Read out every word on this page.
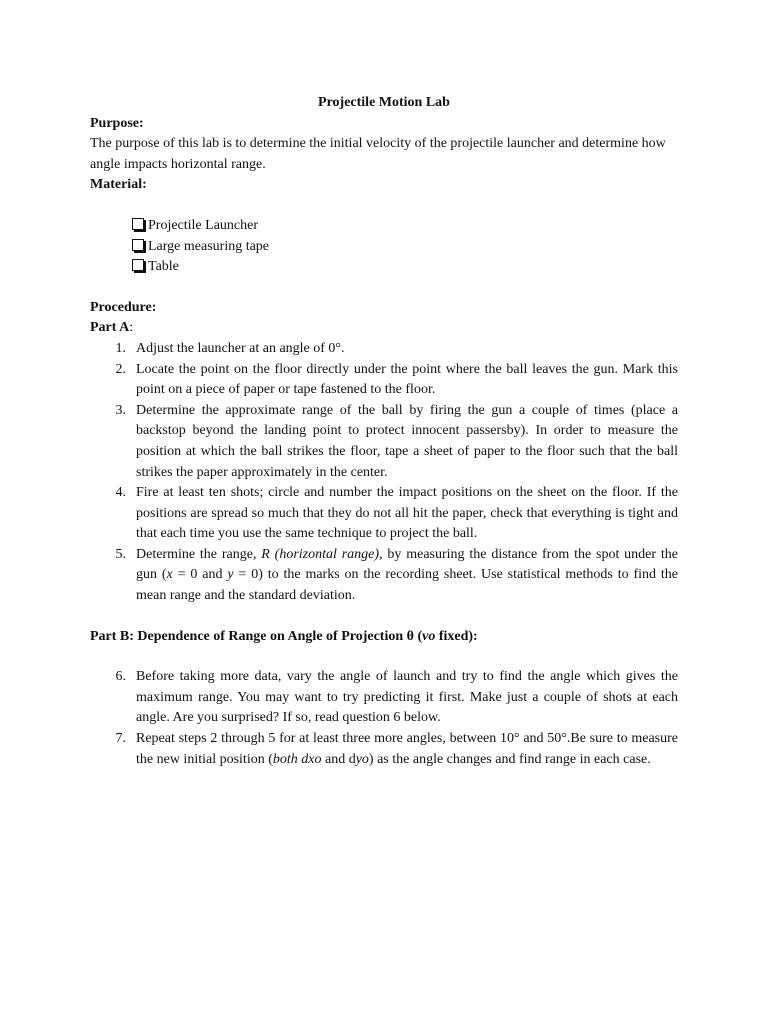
Projectile Motion Lab

Purpose:

The purpose of this lab is to determine the initial velocity of the projectile launcher and determine how angle impacts horizontal range.

Material:

Projectile Launcher
Large measuring tape
Table

Procedure:

Part A:

1. Adjust the launcher at an angle of 0°.
2. Locate the point on the floor directly under the point where the ball leaves the gun. Mark this point on a piece of paper or tape fastened to the floor.
3. Determine the approximate range of the ball by firing the gun a couple of times (place a backstop beyond the landing point to protect innocent passersby). In order to measure the position at which the ball strikes the floor, tape a sheet of paper to the floor such that the ball strikes the paper approximately in the center.
4. Fire at least ten shots; circle and number the impact positions on the sheet on the floor. If the positions are spread so much that they do not all hit the paper, check that everything is tight and that each time you use the same technique to project the ball.
5. Determine the range, R (horizontal range), by measuring the distance from the spot under the gun (x = 0 and y = 0) to the marks on the recording sheet. Use statistical methods to find the mean range and the standard deviation.

Part B: Dependence of Range on Angle of Projection θ (vo fixed):

6. Before taking more data, vary the angle of launch and try to find the angle which gives the maximum range. You may want to try predicting it first. Make just a couple of shots at each angle. Are you surprised? If so, read question 6 below.
7. Repeat steps 2 through 5 for at least three more angles, between 10° and 50°.Be sure to measure the new initial position (both dxo and dyo) as the angle changes and find range in each case.
